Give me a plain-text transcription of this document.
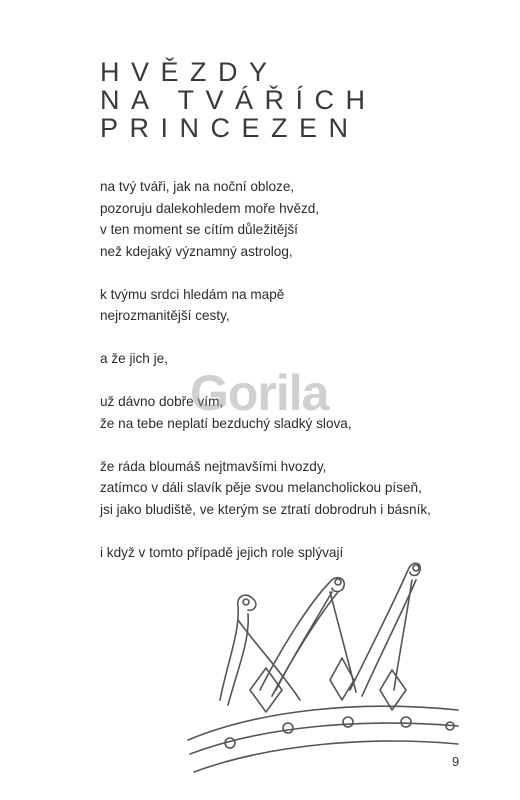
HVĚZDY
NA TVÁŘÍCH
PRINCEZEN

na tvý tváři, jak na noční obloze,
pozoruju dalekohledem moře hvězd,
v ten moment se cítím důležitější
než kdejaký významný astrolog,

k tvýmu srdci hledám na mapě
nejrozmanitější cesty,

a že jich je,

už dávno dobře vím,
že na tebe neplatí bezduchý sladký slova,

že ráda bloumáš nejtmavšími hvozdy,
zatímco v dáli slavík pěje svou melancholickou píseň,
jsi jako bludiště, ve kterým se ztratí dobrodruh i básník,

i když v tomto případě jejich role splývají

Gorila
9
